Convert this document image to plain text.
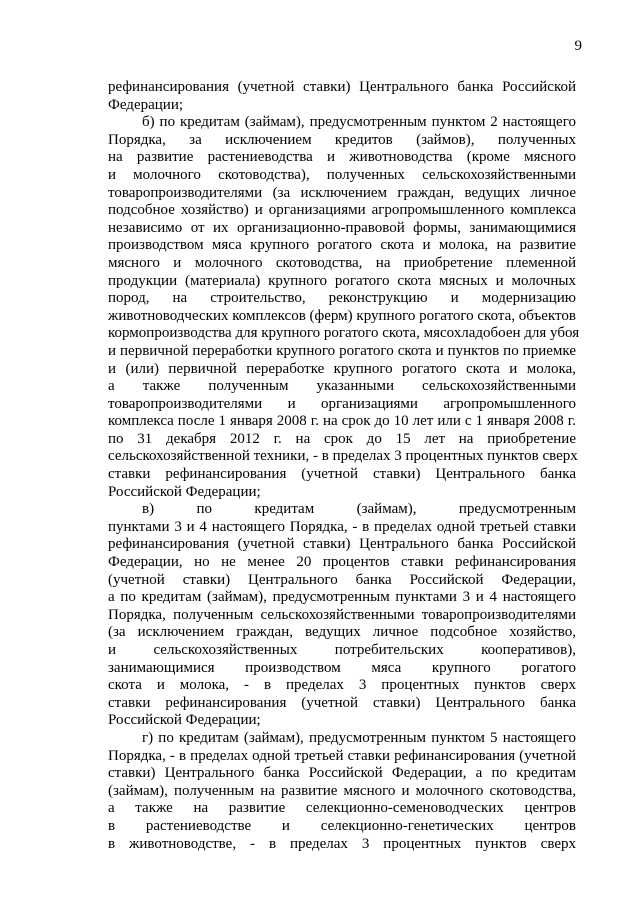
9
рефинансирования (учетной ставки) Центрального банка Российской
Федерации;
б) по кредитам (займам), предусмотренным пунктом 2 настоящего
Порядка, за исключением кредитов (займов), полученных
на развитие растениеводства и животноводства (кроме мясного
и молочного скотоводства), полученных сельскохозяйственными
товаропроизводителями (за исключением граждан, ведущих личное
подсобное хозяйство) и организациями агропромышленного комплекса
независимо от их организационно-правовой формы, занимающимися
производством мяса крупного рогатого скота и молока, на развитие
мясного и молочного скотоводства, на приобретение племенной
продукции (материала) крупного рогатого скота мясных и молочных
пород, на строительство, реконструкцию и модернизацию
животноводческих комплексов (ферм) крупного рогатого скота, объектов
кормопроизводства для крупного рогатого скота, мясохладобоен для убоя
и первичной переработки крупного рогатого скота и пунктов по приемке
и (или) первичной переработке крупного рогатого скота и молока,
а также полученным указанными сельскохозяйственными
товаропроизводителями и организациями агропромышленного
комплекса после 1 января 2008 г. на срок до 10 лет или с 1 января 2008 г.
по 31 декабря 2012 г. на срок до 15 лет на приобретение
сельскохозяйственной техники, - в пределах 3 процентных пунктов сверх
ставки рефинансирования (учетной ставки) Центрального банка
Российской Федерации;
в) по кредитам (займам), предусмотренным
пунктами 3 и 4 настоящего Порядка, - в пределах одной третьей ставки
рефинансирования (учетной ставки) Центрального банка Российской
Федерации, но не менее 20 процентов ставки рефинансирования
(учетной ставки) Центрального банка Российской Федерации,
а по кредитам (займам), предусмотренным пунктами 3 и 4 настоящего
Порядка, полученным сельскохозяйственными товаропроизводителями
(за исключением граждан, ведущих личное подсобное хозяйство,
и сельскохозяйственных потребительских кооперативов),
занимающимися производством мяса крупного рогатого
скота и молока, - в пределах 3 процентных пунктов сверх
ставки рефинансирования (учетной ставки) Центрального банка
Российской Федерации;
г) по кредитам (займам), предусмотренным пунктом 5 настоящего
Порядка, - в пределах одной третьей ставки рефинансирования (учетной
ставки) Центрального банка Российской Федерации, а по кредитам
(займам), полученным на развитие мясного и молочного скотоводства,
а также на развитие селекционно-семеноводческих центров
в растениеводстве и селекционно-генетических центров
в животноводстве, - в пределах 3 процентных пунктов сверх
